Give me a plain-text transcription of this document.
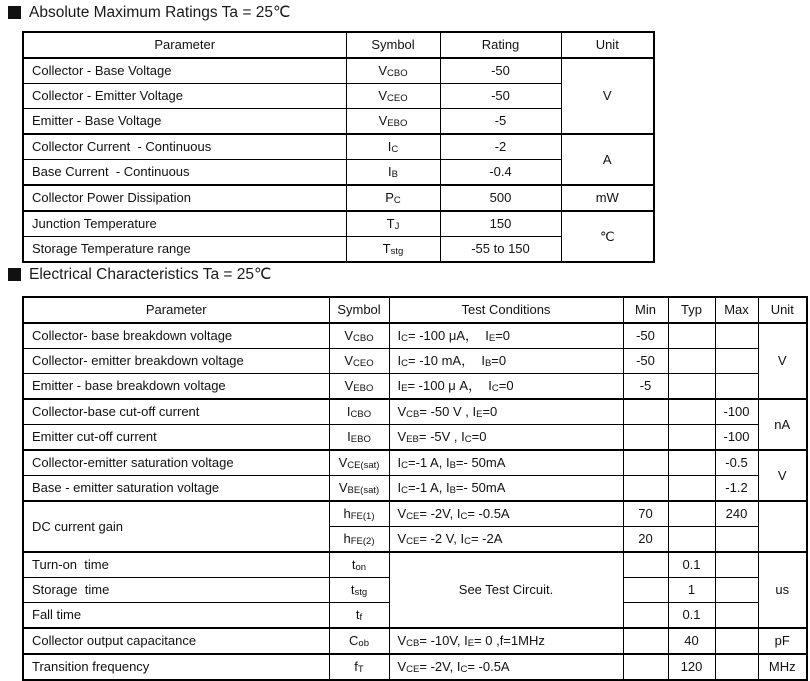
Absolute Maximum Ratings Ta = 25℃
Parameter	Symbol	Rating	Unit
Collector - Base Voltage	VCBO	-50	V
Collector - Emitter Voltage	VCEO	-50	
Emitter - Base Voltage	VEBO	-5	
Collector Current  - Continuous	IC	-2	A
Base Current  - Continuous	IB	-0.4	
Collector Power Dissipation	PC	500	mW
Junction Temperature	TJ	150	℃
Storage Temperature range	Tstg	-55 to 150	
Electrical Characteristics Ta = 25℃
Parameter	Symbol	Test Conditions	Min	Typ	Max	Unit
Collector- base breakdown voltage	VCBO	IC= -100 μA，  IE=0	-50			V
Collector- emitter breakdown voltage	VCEO	IC= -10 mA，  IB=0	-50			
Emitter - base breakdown voltage	VEBO	IE= -100 μ A，  IC=0	-5			
Collector-base cut-off current	ICBO	VCB= -50 V , IE=0			-100	nA
Emitter cut-off current	IEBO	VEB= -5V , IC=0			-100	
Collector-emitter saturation voltage	VCE(sat)	IC=-1 A, IB=- 50mA			-0.5	V
Base - emitter saturation voltage	VBE(sat)	IC=-1 A, IB=- 50mA			-1.2	
DC current gain	hFE(1)	VCE= -2V, IC= -0.5A	70		240	
	hFE(2)	VCE= -2 V, IC= -2A	20			
Turn-on  time	ton	See Test Circuit.		0.1		us
Storage  time	tstg			1		
Fall time	tf			0.1		
Collector output capacitance	Cob	VCB= -10V, IE= 0 ,f=1MHz		40		pF
Transition frequency	fT	VCE= -2V, IC= -0.5A		120		MHz
